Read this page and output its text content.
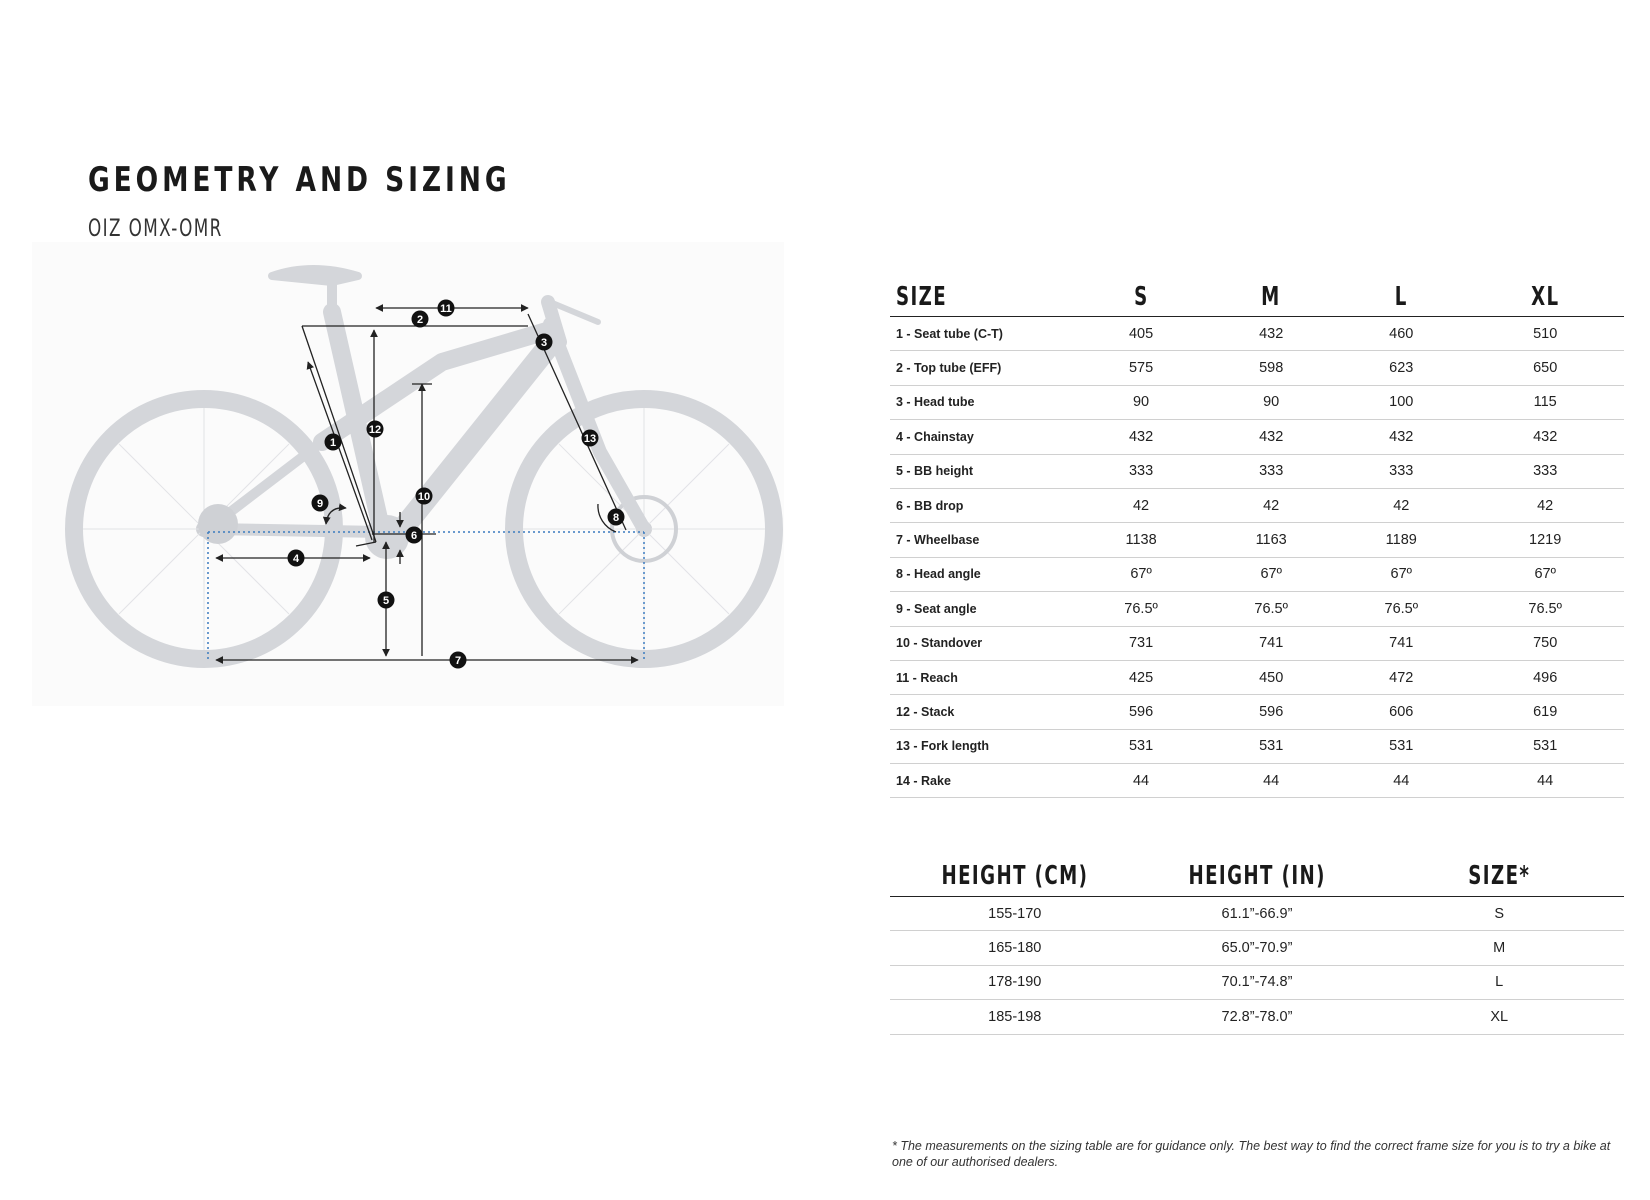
GEOMETRY AND SIZING
OIZ OMX-OMR
1
2
3
4
5
6
7
8
9
10
11
12
13
SIZE	S	M	L	XL
1 - Seat tube (C-T)	405	432	460	510
2 - Top tube (EFF)	575	598	623	650
3 - Head tube	90	90	100	115
4 - Chainstay	432	432	432	432
5 - BB height	333	333	333	333
6 - BB drop	42	42	42	42
7 - Wheelbase	1138	1163	1189	1219
8 - Head angle	67º	67º	67º	67º
9 - Seat angle	76.5º	76.5º	76.5º	76.5º
10 - Standover	731	741	741	750
11 - Reach	425	450	472	496
12 - Stack	596	596	606	619
13 - Fork length	531	531	531	531
14 - Rake	44	44	44	44
HEIGHT (CM)	HEIGHT (IN)	SIZE*
155-170	61.1”-66.9”	S
165-180	65.0”-70.9”	M
178-190	70.1”-74.8”	L
185-198	72.8”-78.0”	XL

* The measurements on the sizing table are for guidance only. The best way to find the correct frame size for you is to try a bike at one of our authorised dealers.
